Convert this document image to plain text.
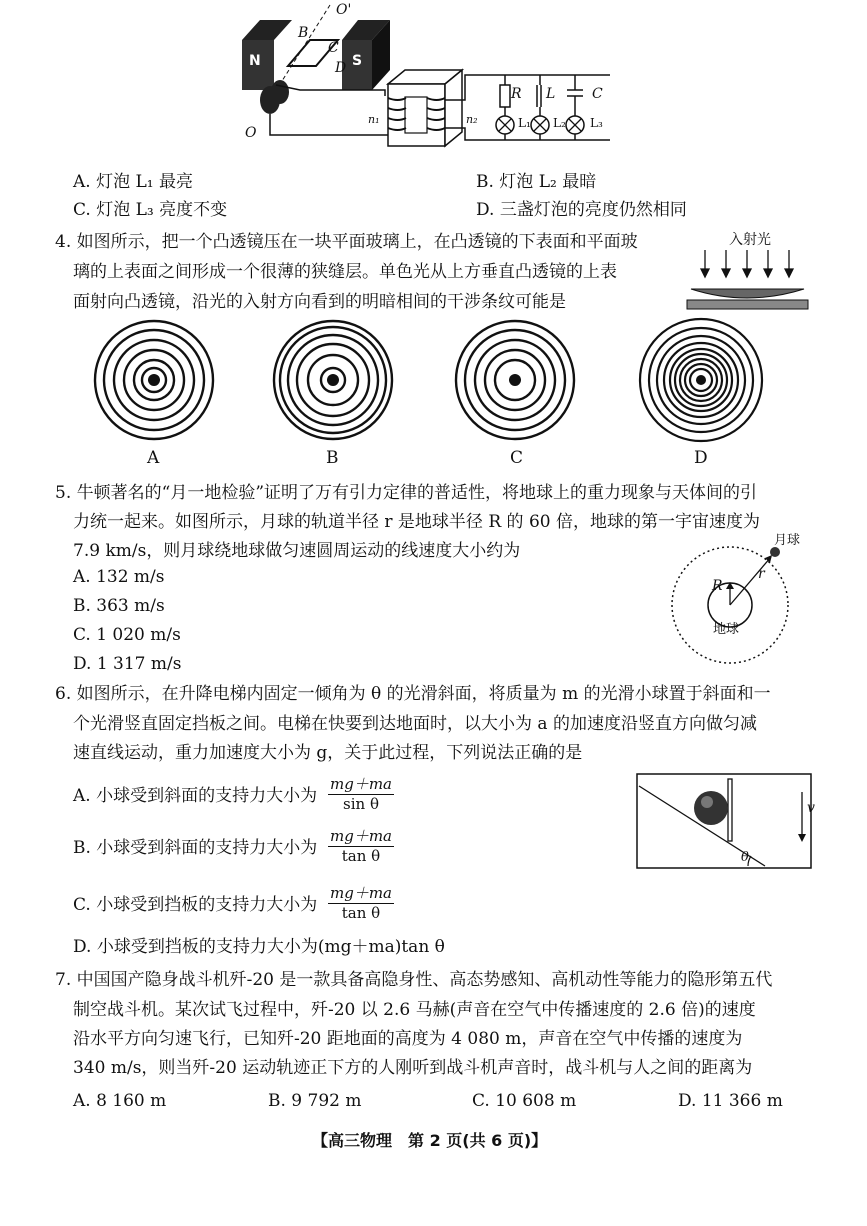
N	S
B
C
D
O'
O
n₁	n₂
R L	C
L₁ L₂ L₃
A. 灯泡 L₁ 最亮	B. 灯泡 L₂ 最暗
C. 灯泡 L₃ 亮度不变	D. 三盏灯泡的亮度仍然相同
4. 如图所示，把一个凸透镜压在一块平面玻璃上，在凸透镜的下表面和平面玻
璃的上表面之间形成一个很薄的狭缝层。单色光从上方垂直凸透镜的上表
面射向凸透镜，沿光的入射方向看到的明暗相间的干涉条纹可能是
入射光
A	B	C	D
5. 牛顿著名的“月一地检验”证明了万有引力定律的普适性，将地球上的重力现象与天体间的引
力统一起来。如图所示，月球的轨道半径 r 是地球半径 R 的 60 倍，地球的第一宇宙速度为
7.9 km/s，则月球绕地球做匀速圆周运动的线速度大小约为
A. 132 m/s
B. 363 m/s
C. 1 020 m/s
D. 1 317 m/s
月球
R
r
地球
6. 如图所示，在升降电梯内固定一倾角为 θ 的光滑斜面，将质量为 m 的光滑小球置于斜面和一
个光滑竖直固定挡板之间。电梯在快要到达地面时，以大小为 a 的加速度沿竖直方向做匀减
速直线运动，重力加速度大小为 g，关于此过程，下列说法正确的是
A. 小球受到斜面的支持力大小为 $\frac{mg+ma}{\text{sin θ}}$
B. 小球受到斜面的支持力大小为 $\frac{mg+ma}{\text{tan θ}}$
C. 小球受到挡板的支持力大小为 $\frac{mg+ma}{\text{tan θ}}$
D. 小球受到挡板的支持力大小为(mg＋ma)tan θ
v
θ
7. 中国国产隐身战斗机歼-20 是一款具备高隐身性、高态势感知、高机动性等能力的隐形第五代
制空战斗机。某次试飞过程中，歼-20 以 2.6 马赫(声音在空气中传播速度的 2.6 倍)的速度
沿水平方向匀速飞行，已知歼-20 距地面的高度为 4 080 m，声音在空气中传播的速度为
340 m/s，则当歼-20 运动轨迹正下方的人刚听到战斗机声音时，战斗机与人之间的距离为
A. 8 160 m	B. 9 792 m	C. 10 608 m	D. 11 366 m
【高三物理　第 2 页(共 6 页)】
